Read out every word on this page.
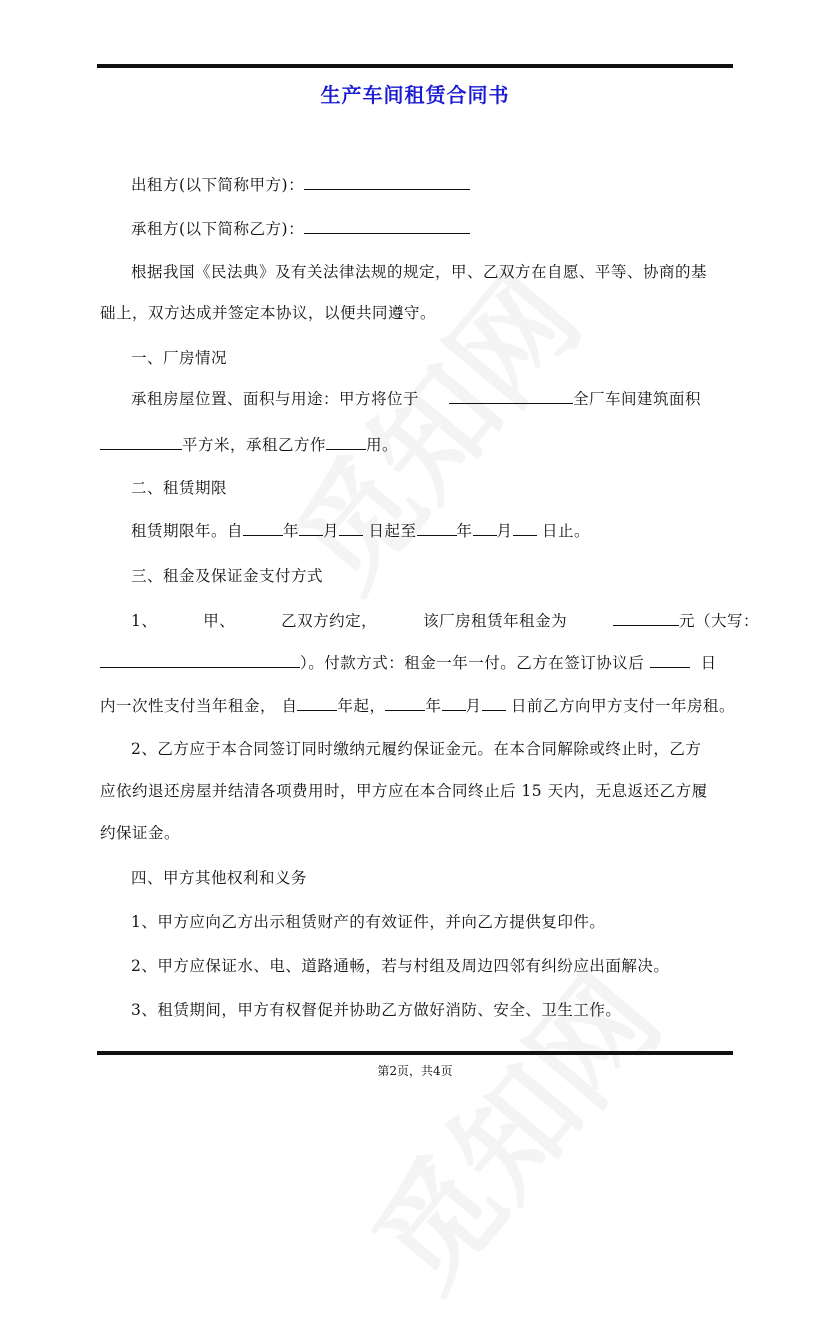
生产车间租赁合同书
出租方(以下简称甲方)：
承租方(以下简称乙方)：
根据我国《民法典》及有关法律法规的规定，甲、乙双方在自愿、平等、协商的基
础上，双方达成并签定本协议，以便共同遵守。
一、厂房情况
承租房屋位置、面积与用途：甲方将位于	全厂车间建筑面积
平方米，承租乙方作	用。
二、租赁期限
租赁期限年。自	年 月 日起至	年 月 日止。
三、租金及保证金支付方式
1、	甲、	乙双方约定，	该厂房租赁年租金为	元（大写：
）。付款方式：租金一年一付。乙方在签订协议后	日
内一次性支付当年租金， 自	年起，	年 月 日前乙方向甲方支付一年房租。
2、乙方应于本合同签订同时缴纳元履约保证金元。在本合同解除或终止时，乙方
应依约退还房屋并结清各项费用时，甲方应在本合同终止后 15 天内，无息返还乙方履
约保证金。
四、甲方其他权利和义务
1、甲方应向乙方出示租赁财产的有效证件，并向乙方提供复印件。
2、甲方应保证水、电、道路通畅，若与村组及周边四邻有纠纷应出面解决。
3、租赁期间，甲方有权督促并协助乙方做好消防、安全、卫生工作。
第2页，共4页
